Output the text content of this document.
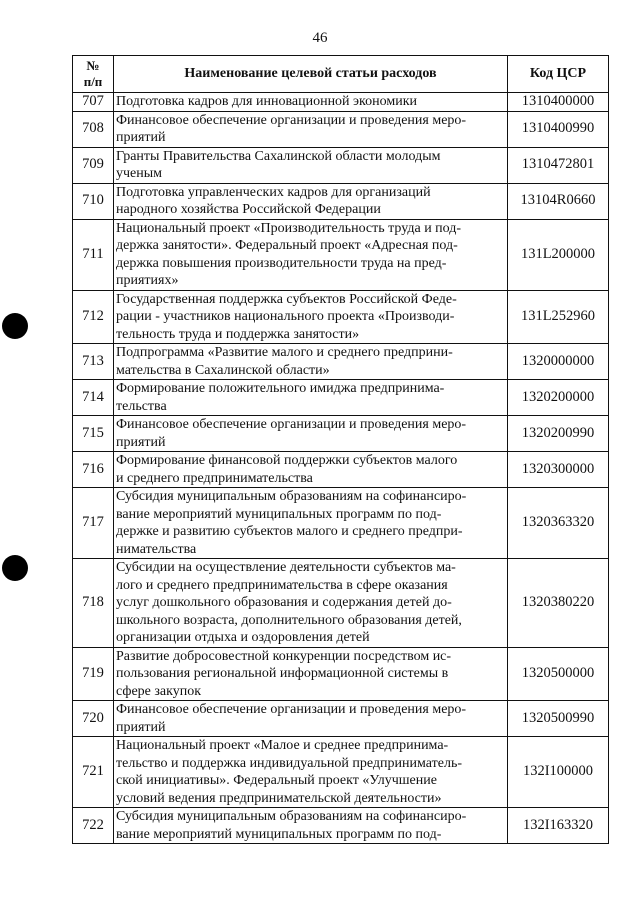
46
№
п/п	Наименование целевой статьи расходов	Код ЦСР
707	Подготовка кадров для инновационной экономики	1310400000
708	Финансовое обеспечение организации и проведения меро-
приятий	1310400990
709	Гранты Правительства Сахалинской области молодым
ученым	1310472801
710	Подготовка управленческих кадров для организаций
народного хозяйства Российской Федерации	13104R0660
711	Национальный проект «Производительность труда и под-
держка занятости». Федеральный проект «Адресная под-
держка повышения производительности труда на пред-
приятиях»	131L200000
712	Государственная поддержка субъектов Российской Феде-
рации - участников национального проекта «Производи-
тельность труда и поддержка занятости»	131L252960
713	Подпрограмма «Развитие малого и среднего предприни-
мательства в Сахалинской области»	1320000000
714	Формирование положительного имиджа предпринима-
тельства	1320200000
715	Финансовое обеспечение организации и проведения меро-
приятий	1320200990
716	Формирование финансовой поддержки субъектов малого
и среднего предпринимательства	1320300000
717	Субсидия муниципальным образованиям на софинансиро-
вание мероприятий муниципальных программ по под-
держке и развитию субъектов малого и среднего предпри-
нимательства	1320363320
718	Субсидии на осуществление деятельности субъектов ма-
лого и среднего предпринимательства в сфере оказания
услуг дошкольного образования и содержания детей до-
школьного возраста, дополнительного образования детей,
организации отдыха и оздоровления детей	1320380220
719	Развитие добросовестной конкуренции посредством ис-
пользования региональной информационной системы в
сфере закупок	1320500000
720	Финансовое обеспечение организации и проведения меро-
приятий	1320500990
721	Национальный проект «Малое и среднее предпринима-
тельство и поддержка индивидуальной предприниматель-
ской инициативы». Федеральный проект «Улучшение
условий ведения предпринимательской деятельности»	132I100000
722	Субсидия муниципальным образованиям на софинансиро-
вание мероприятий муниципальных программ по под-	132I163320
